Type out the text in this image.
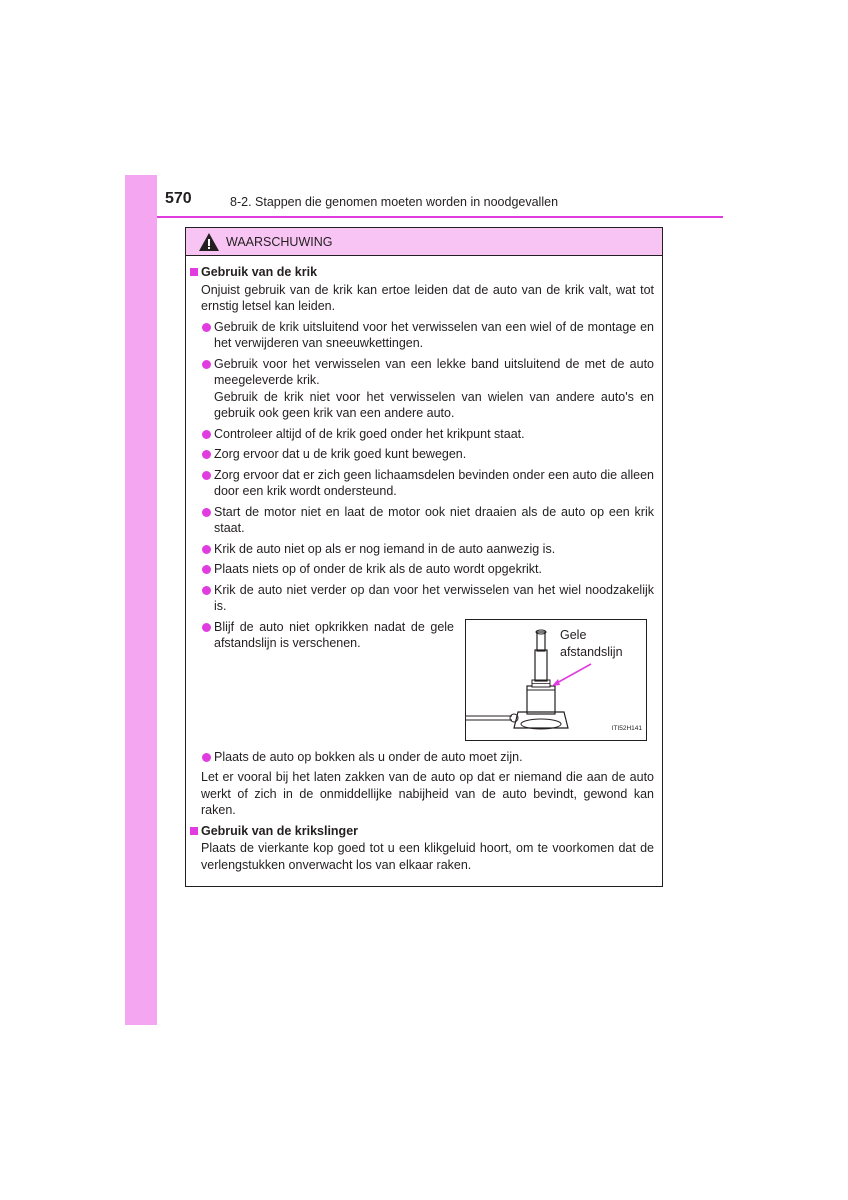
570	8-2. Stappen die genomen moeten worden in noodgevallen
WAARSCHUWING
Gebruik van de krik
Onjuist gebruik van de krik kan ertoe leiden dat de auto van de krik valt, wat tot ernstig letsel kan leiden.
Gebruik de krik uitsluitend voor het verwisselen van een wiel of de montage en het verwijderen van sneeuwkettingen.
Gebruik voor het verwisselen van een lekke band uitsluitend de met de auto meegeleverde krik.
Gebruik de krik niet voor het verwisselen van wielen van andere auto's en gebruik ook geen krik van een andere auto.
Controleer altijd of de krik goed onder het krikpunt staat.
Zorg ervoor dat u de krik goed kunt bewegen.
Zorg ervoor dat er zich geen lichaamsdelen bevinden onder een auto die alleen door een krik wordt ondersteund.
Start de motor niet en laat de motor ook niet draaien als de auto op een krik staat.
Krik de auto niet op als er nog iemand in de auto aanwezig is.
Plaats niets op of onder de krik als de auto wordt opgekrikt.
Krik de auto niet verder op dan voor het verwisselen van het wiel noodzakelijk is.
Blijf de auto niet opkrikken nadat de gele afstandslijn is verschenen.
Gele
afstandslijn
ITI52H141
Plaats de auto op bokken als u onder de auto moet zijn.
Let er vooral bij het laten zakken van de auto op dat er niemand die aan de auto werkt of zich in de onmiddellijke nabijheid van de auto bevindt, gewond kan raken.
Gebruik van de krikslinger
Plaats de vierkante kop goed tot u een klikgeluid hoort, om te voorkomen dat de verlengstukken onverwacht los van elkaar raken.
